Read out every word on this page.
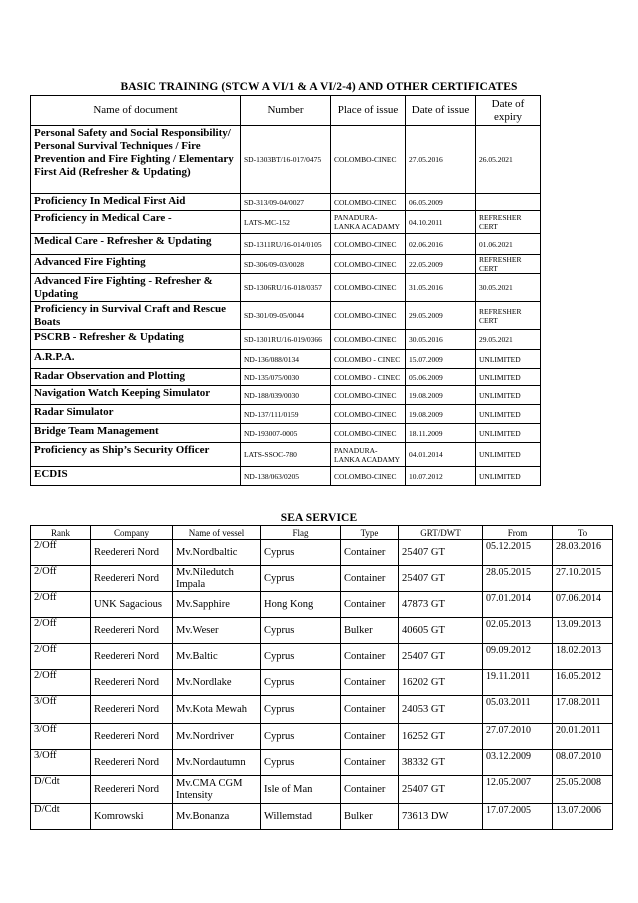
BASIC TRAINING (STCW A VI/1 & A VI/2-4) AND OTHER CERTIFICATES
Name of document	Number	Place of issue	Date of issue	Date of expiry
Personal Safety and Social Responsibility/ Personal Survival Techniques / Fire Prevention and Fire Fighting / Elementary First Aid (Refresher & Updating)	SD-1303BT/16-017/0475	COLOMBO-CINEC	27.05.2016	26.05.2021
Proficiency In Medical First Aid	SD-313/09-04/0027	COLOMBO-CINEC	06.05.2009	
Proficiency in Medical Care -	LATS-MC-152	PANADURA-LANKA ACADAMY	04.10.2011	REFRESHER CERT
Medical Care - Refresher & Updating	SD-1311RU/16-014/0105	COLOMBO-CINEC	02.06.2016	01.06.2021
Advanced Fire Fighting	SD-306/09-03/0028	COLOMBO-CINEC	22.05.2009	REFRESHER CERT
Advanced Fire Fighting - Refresher & Updating	SD-1306RU/16-018/0357	COLOMBO-CINEC	31.05.2016	30.05.2021
Proficiency in Survival Craft and Rescue Boats	SD-301/09-05/0044	COLOMBO-CINEC	29.05.2009	REFRESHER CERT
PSCRB - Refresher & Updating	SD-1301RU/16-019/0366	COLOMBO-CINEC	30.05.2016	29.05.2021
A.R.P.A.	ND-136/088/0134	COLOMBO - CINEC	15.07.2009	UNLIMITED
Radar Observation and Plotting	ND-135/075/0030	COLOMBO - CINEC	05.06.2009	UNLIMITED
Navigation Watch Keeping Simulator	ND-188/039/0030	COLOMBO-CINEC	19.08.2009	UNLIMITED
Radar Simulator	ND-137/111/0159	COLOMBO-CINEC	19.08.2009	UNLIMITED
Bridge Team Management	ND-193007-0005	COLOMBO-CINEC	18.11.2009	UNLIMITED
Proficiency as Ship’s Security Officer	LATS-SSOC-780	PANADURA-LANKA ACADAMY	04.01.2014	UNLIMITED
ECDIS	ND-138/063/0205	COLOMBO-CINEC	10.07.2012	UNLIMITED
SEA SERVICE
Rank	Company	Name of vessel	Flag	Type	GRT/DWT	From	To
2/Off	Reedereri Nord	Mv.Nordbaltic	Cyprus	Container	25407 GT	05.12.2015	28.03.2016
2/Off	Reedereri Nord	Mv.Niledutch Impala	Cyprus	Container	25407 GT	28.05.2015	27.10.2015
2/Off	UNK Sagacious	Mv.Sapphire	Hong Kong	Container	47873 GT	07.01.2014	07.06.2014
2/Off	Reedereri Nord	Mv.Weser	Cyprus	Bulker	40605 GT	02.05.2013	13.09.2013
2/Off	Reedereri Nord	Mv.Baltic	Cyprus	Container	25407 GT	09.09.2012	18.02.2013
2/Off	Reedereri Nord	Mv.Nordlake	Cyprus	Container	16202 GT	19.11.2011	16.05.2012
3/Off	Reedereri Nord	Mv.Kota Mewah	Cyprus	Container	24053 GT	05.03.2011	17.08.2011
3/Off	Reedereri Nord	Mv.Nordriver	Cyprus	Container	16252 GT	27.07.2010	20.01.2011
3/Off	Reedereri Nord	Mv.Nordautumn	Cyprus	Container	38332 GT	03.12.2009	08.07.2010
D/Cdt	Reedereri Nord	Mv.CMA CGM Intensity	Isle of Man	Container	25407 GT	12.05.2007	25.05.2008
D/Cdt	Komrowski	Mv.Bonanza	Willemstad	Bulker	73613 DW	17.07.2005	13.07.2006
